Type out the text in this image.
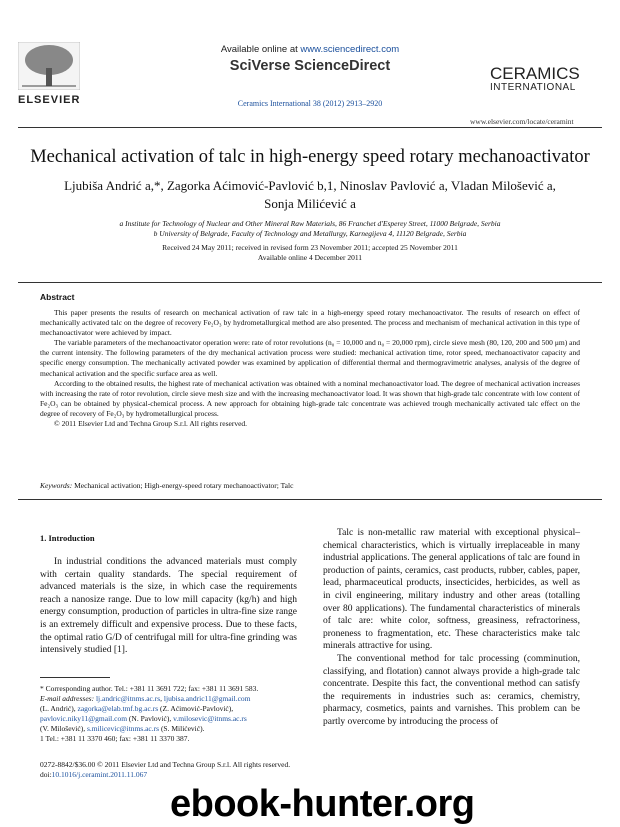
ELSEVIER
Available online at www.sciencedirect.com
SciVerse ScienceDirect
Ceramics International 38 (2012) 2913–2920
CERAMICS
INTERNATIONAL
www.elsevier.com/locate/ceramint
Mechanical activation of talc in high-energy speed rotary mechanoactivator
Ljubiša Andrić a,*, Zagorka Aćimović-Pavlović b,1, Ninoslav Pavlović a, Vladan Milošević a,
Sonja Milićević a
a Institute for Technology of Nuclear and Other Mineral Raw Materials, 86 Franchet d'Esperey Street, 11000 Belgrade, Serbia
b University of Belgrade, Faculty of Technology and Metallurgy, Karnegijeva 4, 11120 Belgrade, Serbia
Received 24 May 2011; received in revised form 23 November 2011; accepted 25 November 2011
Available online 4 December 2011
Abstract

This paper presents the results of research on mechanical activation of raw talc in a high-energy speed rotary mechanoactivator. The results of research on effect of mechanically activated talc on the degree of recovery Fe₂O₃ by hydrometallurgical method are also presented. The process and mechanism of mechanical activation in this type of mechanoactivator were achieved by impact.

The variable parameters of the mechanoactivator operation were: rate of rotor revolutions (n₀ = 10,000 and n₀ = 20,000 rpm), circle sieve mesh (80, 120, 200 and 500 μm) and the current intensity. The following parameters of the dry mechanical activation process were studied: mechanical activation time, rotor speed, mechanoactivator capacity and specific energy consumption. The mechanically activated powder was examined by application of differential thermal and thermogravimetric analyses, analysis of the degree of mechanical activation and the specific surface area as well.

According to the obtained results, the highest rate of mechanical activation was obtained with a nominal mechanoactivator load. The degree of mechanical activation increases with increasing the rate of rotor revolution, circle sieve mesh size and with the increasing mechanoactivator load. It was shown that high-grade talc concentrate with low content of Fe₂O₃ can be obtained by physical-chemical process. A new approach for obtaining high-grade talc concentrate was achieved trough mechanically activated talc effect on the degree of recovery of Fe₂O₃ by hydrometallurgical process.

© 2011 Elsevier Ltd and Techna Group S.r.l. All rights reserved.

Keywords: Mechanical activation; High-energy-speed rotary mechanoactivator; Talc
1. Introduction

In industrial conditions the advanced materials must comply with certain quality standards. The special requirement of advanced materials is the size, in which case the requirements reach a nanosize range. Due to low mill capacity (kg/h) and high energy consumption, production of particles in ultra-fine size range is an extremely difficult and expensive process. Due to these facts, the optimal ratio G/D of centrifugal mill for ultra-fine grinding was intensively studied [1].

Talc is non-metallic raw material with exceptional physical–chemical characteristics, which is virtually irreplaceable in many industrial applications. The general applications of talc are found in production of paints, ceramics, cast products, rubber, cables, paper, lead, pharmaceutical products, insecticides, herbicides, as well as in civil engineering, military industry and other areas (totalling over 80 applications). The fundamental characteristics of minerals of talc are: white color, softness, greasiness, refractoriness, proneness to fragmentation, etc. These characteristics make talc minerals attractive for using.

The conventional method for talc processing (comminution, classifying, and flotation) cannot always provide a high-grade talc concentrate. Despite this fact, the conventional method can satisfy the requirements in industries such as: ceramics, chemistry, pharmacy, cosmetics, paints and varnishes. This problem can be partly overcome by introducing the process of

* Corresponding author. Tel.: +381 11 3691 722; fax: +381 11 3691 583.
E-mail addresses: lj.andric@itnms.ac.rs, ljubisa.andric11@gmail.com
(L. Andrić), zagorka@elab.tmf.bg.ac.rs (Z. Aćimović-Pavlović),
pavlovic.niky11@gmail.com (N. Pavlović), v.milosevic@itnms.ac.rs
(V. Milošević), s.milicevic@itnms.ac.rs (S. Milićević).
1 Tel.: +381 11 3370 460; fax: +381 11 3370 387.
0272-8842/$36.00 © 2011 Elsevier Ltd and Techna Group S.r.l. All rights reserved.
doi:10.1016/j.ceramint.2011.11.067
ebook-hunter.org
